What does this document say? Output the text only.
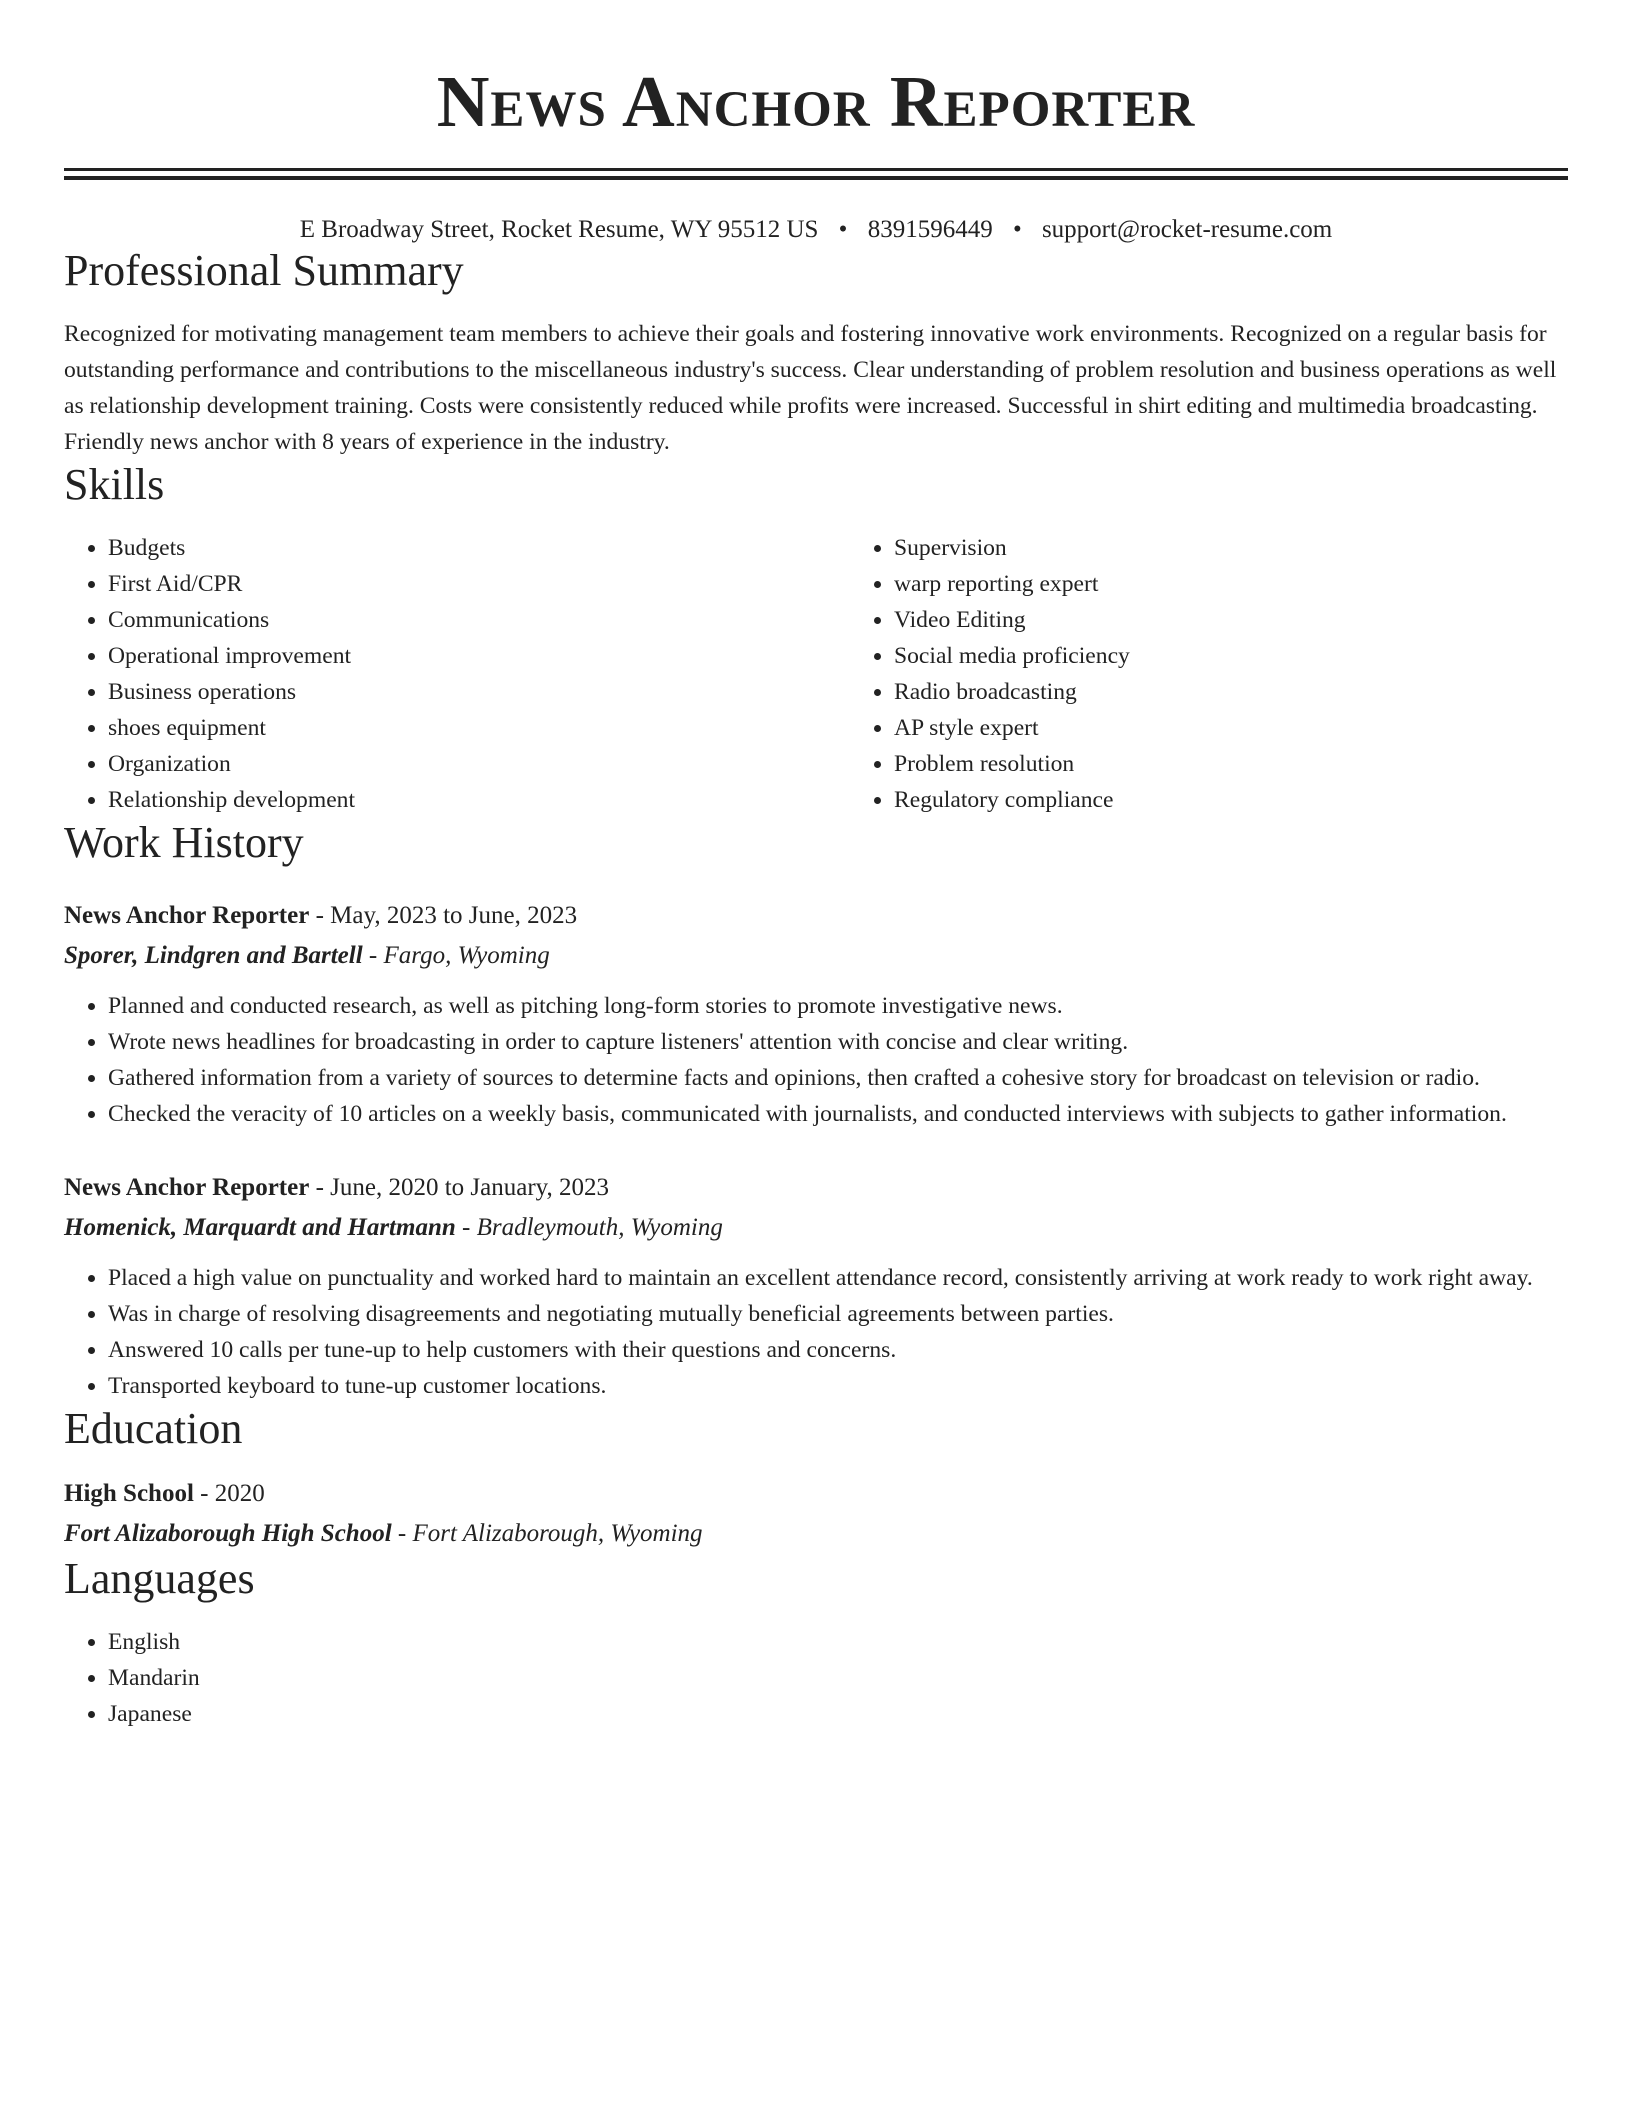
News Anchor Reporter
E Broadway Street, Rocket Resume, WY 95512 US • 8391596449 • support@rocket-resume.com
Professional Summary

Recognized for motivating management team members to achieve their goals and fostering innovative work environments. Recognized on a regular basis for outstanding performance and contributions to the miscellaneous industry's success. Clear understanding of problem resolution and business operations as well as relationship development training. Costs were consistently reduced while profits were increased. Successful in shirt editing and multimedia broadcasting. Friendly news anchor with 8 years of experience in the industry.

Skills
• Budgets
• First Aid/CPR
• Communications
• Operational improvement
• Business operations
• shoes equipment
• Organization
• Relationship development
• Supervision
• warp reporting expert
• Video Editing
• Social media proficiency
• Radio broadcasting
• AP style expert
• Problem resolution
• Regulatory compliance
Work History
News Anchor Reporter - May, 2023 to June, 2023
Sporer, Lindgren and Bartell - Fargo, Wyoming
• Planned and conducted research, as well as pitching long-form stories to promote investigative news.
• Wrote news headlines for broadcasting in order to capture listeners' attention with concise and clear writing.
• Gathered information from a variety of sources to determine facts and opinions, then crafted a cohesive story for broadcast on television or radio.
• Checked the veracity of 10 articles on a weekly basis, communicated with journalists, and conducted interviews with subjects to gather information.
News Anchor Reporter - June, 2020 to January, 2023
Homenick, Marquardt and Hartmann - Bradleymouth, Wyoming
• Placed a high value on punctuality and worked hard to maintain an excellent attendance record, consistently arriving at work ready to work right away.
• Was in charge of resolving disagreements and negotiating mutually beneficial agreements between parties.
• Answered 10 calls per tune-up to help customers with their questions and concerns.
• Transported keyboard to tune-up customer locations.
Education
High School - 2020
Fort Alizaborough High School - Fort Alizaborough, Wyoming
Languages
• English
• Mandarin
• Japanese
